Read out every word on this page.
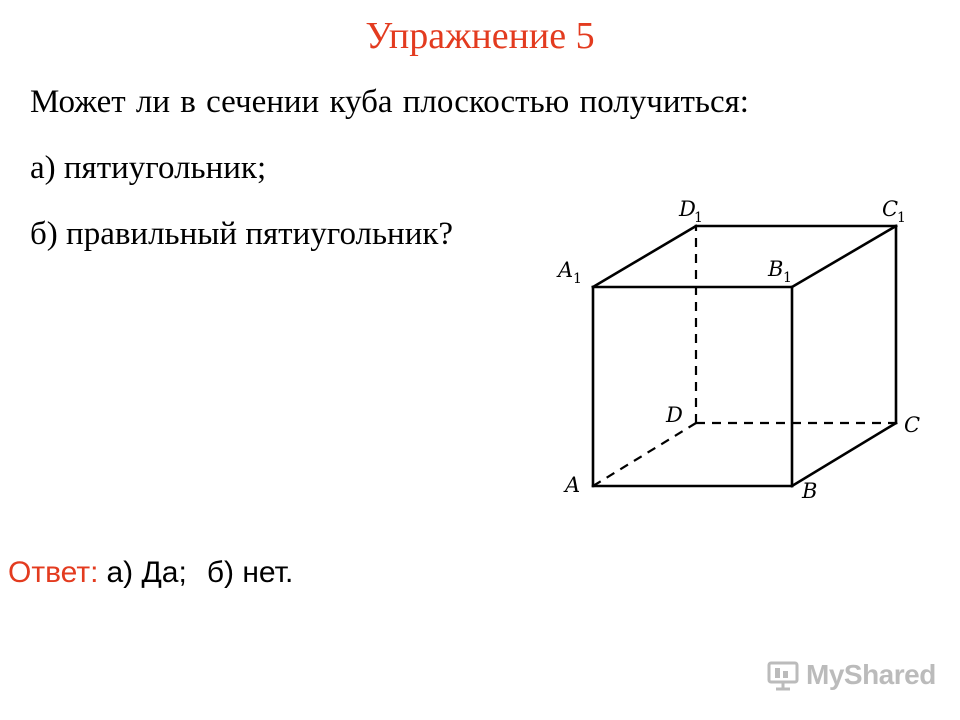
Упражнение 5
Может ли в сечении куба плоскостью получиться:
а) пятиугольник;
б) правильный пятиугольник?
A	B
C
D
A 1	B 1
C
1
D
1
Ответ: а) Да; б) нет.
MyShared
